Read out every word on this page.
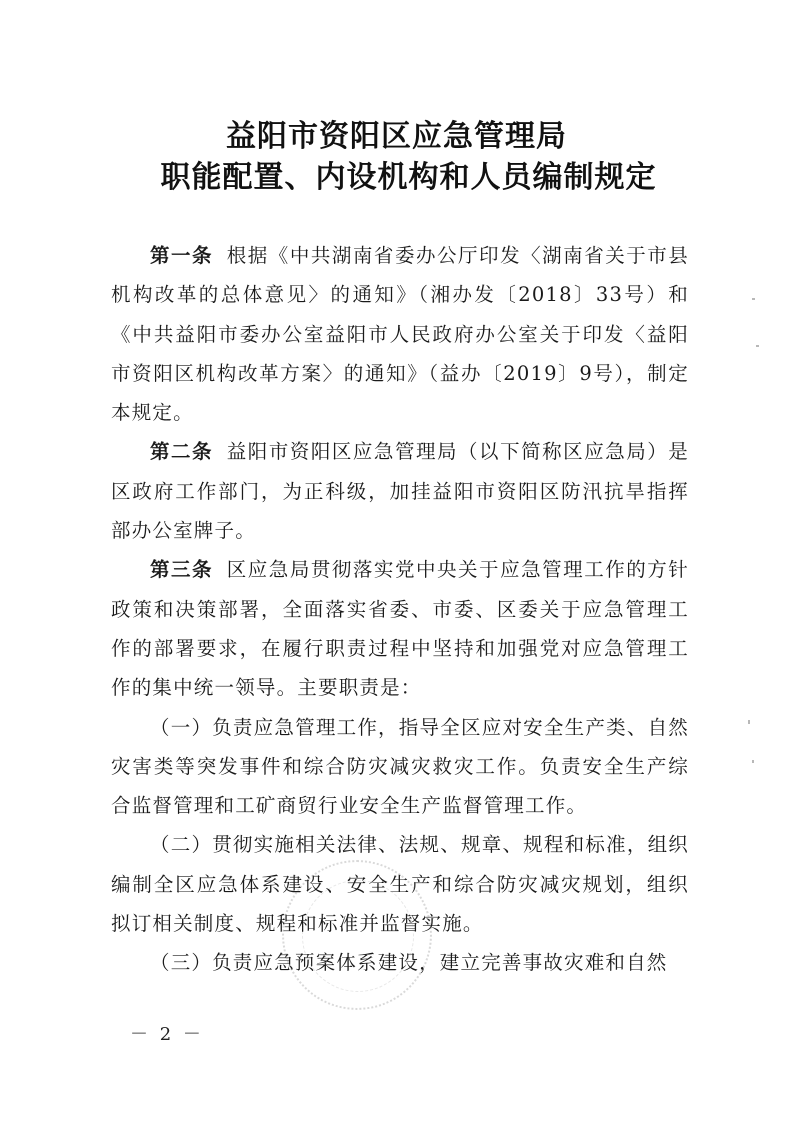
益阳市资阳区应急管理局
职能配置、内设机构和人员编制规定

第一条 根据《中共湖南省委办公厅印发〈湖南省关于市县机构改革的总体意见〉的通知》（湘办发〔2018〕33号）和《中共益阳市委办公室益阳市人民政府办公室关于印发〈益阳市资阳区机构改革方案〉的通知》（益办〔2019〕9号），制定本规定。

第二条 益阳市资阳区应急管理局（以下简称区应急局）是区政府工作部门，为正科级，加挂益阳市资阳区防汛抗旱指挥部办公室牌子。

第三条 区应急局贯彻落实党中央关于应急管理工作的方针政策和决策部署，全面落实省委、市委、区委关于应急管理工作的部署要求，在履行职责过程中坚持和加强党对应急管理工作的集中统一领导。主要职责是：

（一）负责应急管理工作，指导全区应对安全生产类、自然灾害类等突发事件和综合防灾减灾救灾工作。负责安全生产综合监督管理和工矿商贸行业安全生产监督管理工作。

（二）贯彻实施相关法律、法规、规章、规程和标准，组织编制全区应急体系建设、安全生产和综合防灾减灾规划，组织拟订相关制度、规程和标准并监督实施。

（三）负责应急预案体系建设，建立完善事故灾难和自然

－ 2 －
